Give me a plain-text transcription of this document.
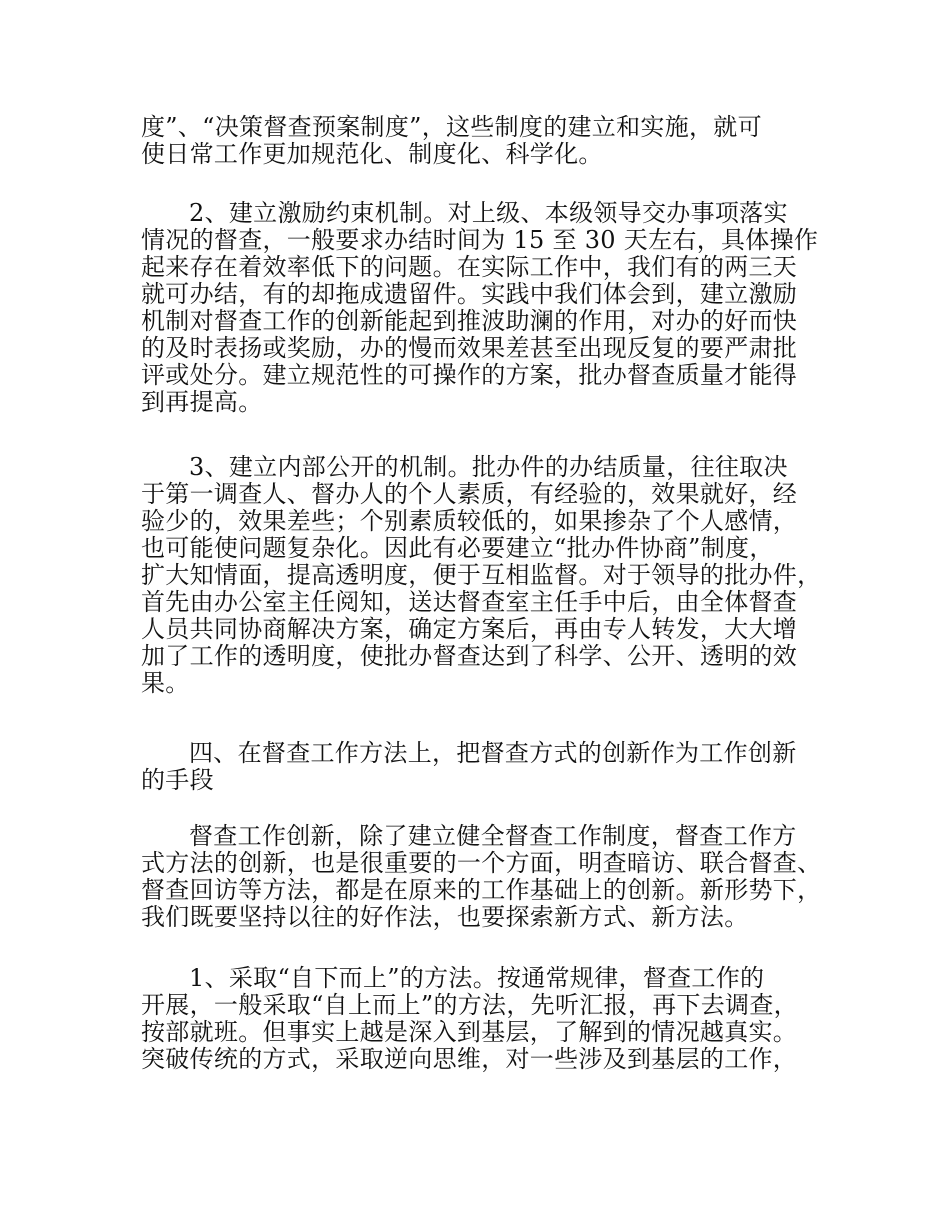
度”、“决策督查预案制度”，这些制度的建立和实施，就可
使日常工作更加规范化、制度化、科学化。
2、建立激励约束机制。对上级、本级领导交办事项落实
情况的督查，一般要求办结时间为 15 至 30 天左右，具体操作
起来存在着效率低下的问题。在实际工作中，我们有的两三天
就可办结，有的却拖成遗留件。实践中我们体会到，建立激励
机制对督查工作的创新能起到推波助澜的作用，对办的好而快
的及时表扬或奖励，办的慢而效果差甚至出现反复的要严肃批
评或处分。建立规范性的可操作的方案，批办督查质量才能得
到再提高。
3、建立内部公开的机制。批办件的办结质量，往往取决
于第一调查人、督办人的个人素质，有经验的，效果就好，经
验少的，效果差些；个别素质较低的，如果掺杂了个人感情，
也可能使问题复杂化。因此有必要建立“批办件协商”制度，
扩大知情面，提高透明度，便于互相监督。对于领导的批办件，
首先由办公室主任阅知，送达督查室主任手中后，由全体督查
人员共同协商解决方案，确定方案后，再由专人转发，大大增
加了工作的透明度，使批办督查达到了科学、公开、透明的效
果。
四、在督查工作方法上，把督查方式的创新作为工作创新
的手段
督查工作创新，除了建立健全督查工作制度，督查工作方
式方法的创新，也是很重要的一个方面，明查暗访、联合督查、
督查回访等方法，都是在原来的工作基础上的创新。新形势下，
我们既要坚持以往的好作法，也要探索新方式、新方法。
1、采取“自下而上”的方法。按通常规律，督查工作的
开展，一般采取“自上而上”的方法，先听汇报，再下去调查，
按部就班。但事实上越是深入到基层，了解到的情况越真实。
突破传统的方式，采取逆向思维，对一些涉及到基层的工作，
